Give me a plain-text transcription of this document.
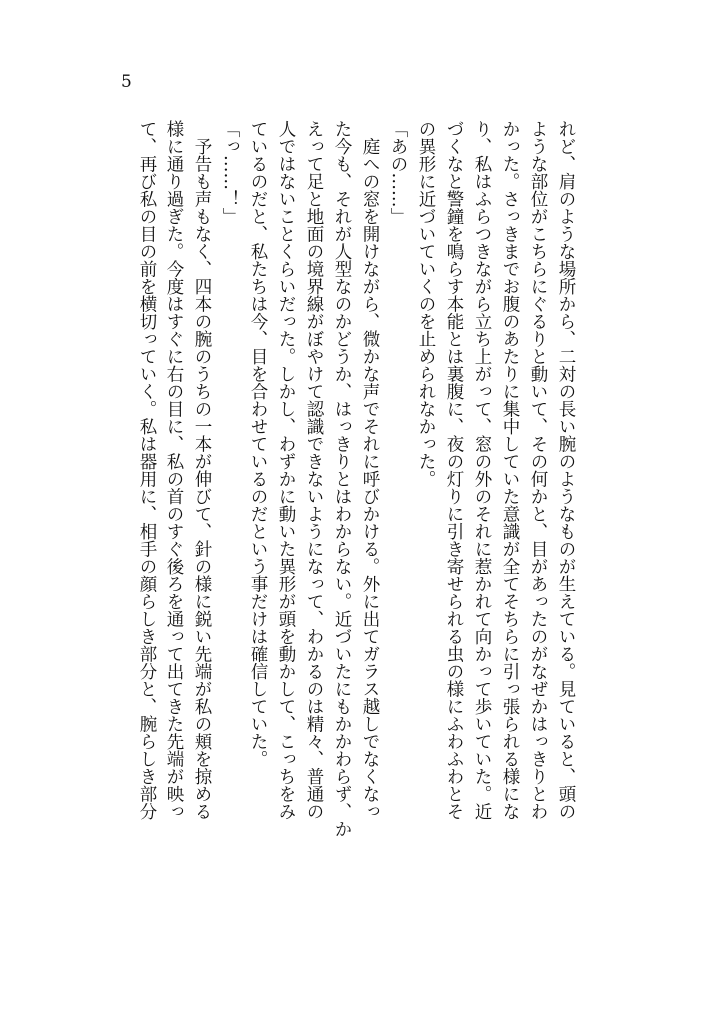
5
れど、肩のような場所から、二対の長い腕のようなものが生えている。見ていると、頭の
ような部位がこちらにぐるりと動いて、その何かと、目があったのがなぜかはっきりとわ
かった。さっきまでお腹のあたりに集中していた意識が全てそちらに引っ張られる様にな
り、私はふらつきながら立ち上がって、窓の外のそれに惹かれて向かって歩いていた。近
づくなと警鐘を鳴らす本能とは裏腹に、夜の灯りに引き寄せられる虫の様にふわふわとそ
の異形に近づいていくのを止められなかった。
「あの……」
　庭への窓を開けながら、微かな声でそれに呼びかける。外に出てガラス越しでなくなっ
た今も、それが人型なのかどうか、はっきりとはわからない。近づいたにもかかわらず、か
えって足と地面の境界線がぼやけて認識できないようになって、わかるのは精々、普通の
人ではないことくらいだった。しかし、わずかに動いた異形が頭を動かして、こっちをみ
ているのだと、私たちは今、目を合わせているのだという事だけは確信していた。
「っ……！」
　予告も声もなく、四本の腕のうちの一本が伸びて、針の様に鋭い先端が私の頬を掠める
様に通り過ぎた。今度はすぐに右の目に、私の首のすぐ後ろを通って出てきた先端が映っ
て、再び私の目の前を横切っていく。私は器用に、相手の顔らしき部分と、腕らしき部分
